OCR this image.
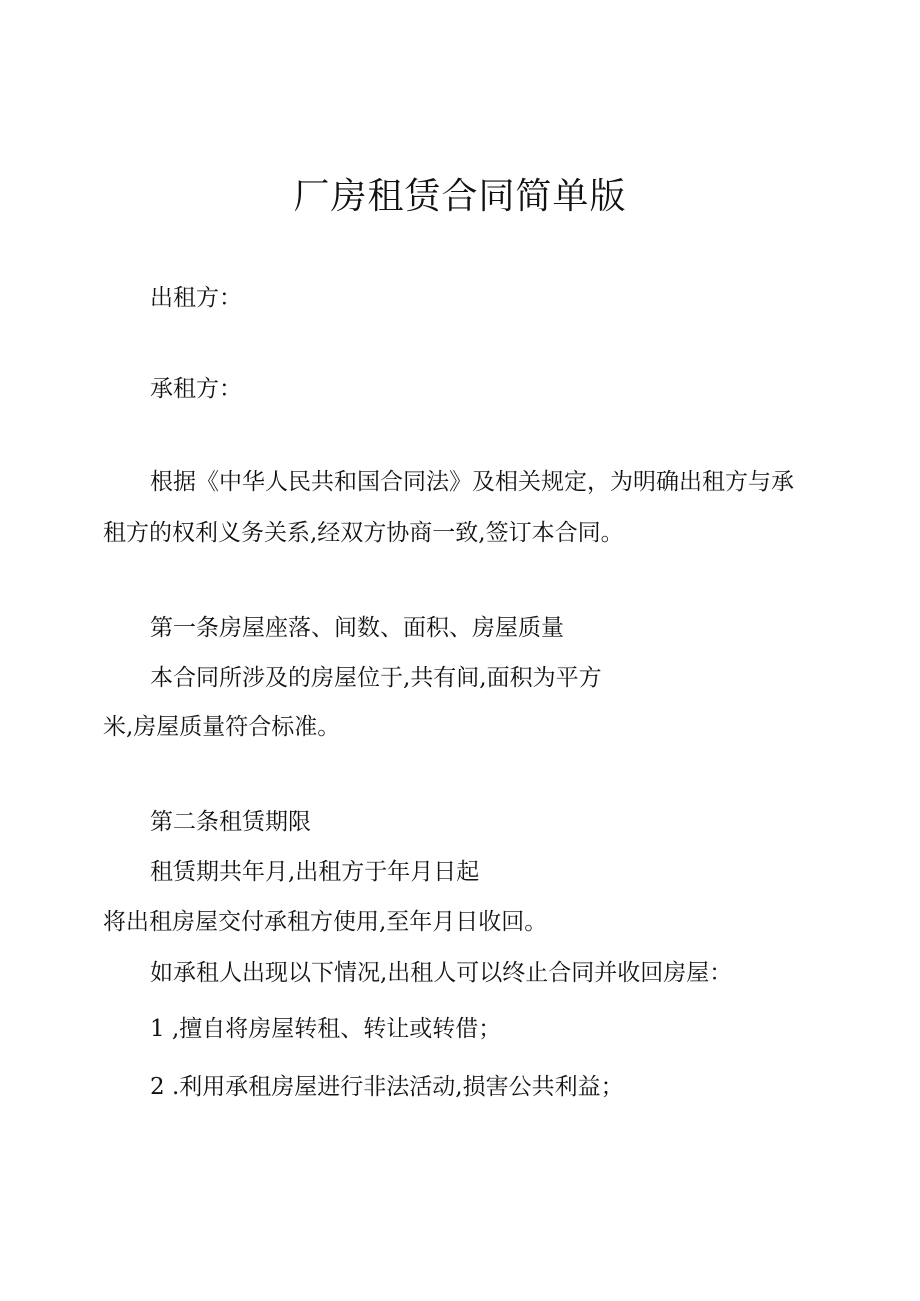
厂房租赁合同简单版

出租方：

承租方：

根据《中华人民共和国合同法》及相关规定，为明确出租方与承

租方的权利义务关系,经双方协商一致,签订本合同。

第一条房屋座落、间数、面积、房屋质量

本合同所涉及的房屋位于,共有间,面积为平方

米,房屋质量符合标准。

第二条租赁期限

租赁期共年月,出租方于年月日起

将出租房屋交付承租方使用,至年月日收回。

如承租人出现以下情况,出租人可以终止合同并收回房屋：

1 ,擅自将房屋转租、转让或转借；

2 .利用承租房屋进行非法活动,损害公共利益；
